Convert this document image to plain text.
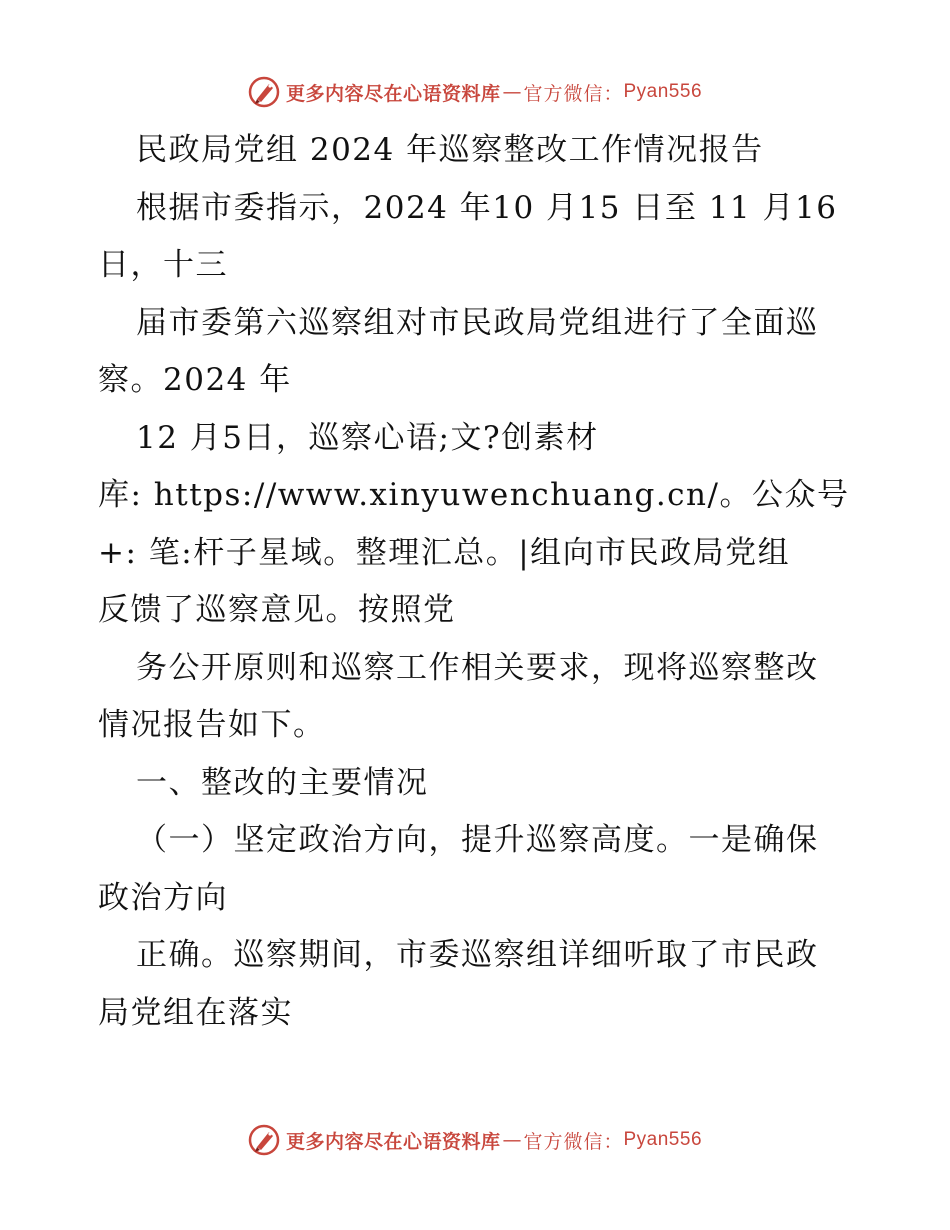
更多内容尽在心语资料库 — 官方微信： Pyan556
民政局党组 2024 年巡察整改工作情况报告
根据市委指示，2024 年10 月15 日至 11 月16
日，十三
届市委第六巡察组对市民政局党组进行了全面巡
察。2024 年
12 月5日，巡察心语;文?创素材
库: https://www.xinyuwenchuang.cn/。公众号
+: 笔:杆子星域。整理汇总。|组向市民政局党组
反馈了巡察意见。按照党
务公开原则和巡察工作相关要求，现将巡察整改
情况报告如下。
一、整改的主要情况
（一）坚定政治方向，提升巡察高度。一是确保
政治方向
正确。巡察期间，市委巡察组详细听取了市民政
局党组在落实
更多内容尽在心语资料库 — 官方微信： Pyan556
